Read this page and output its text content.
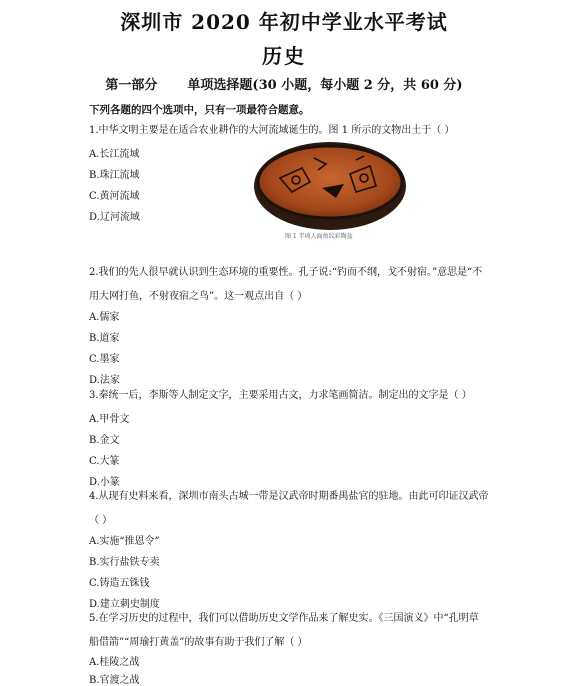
深圳市 2020 年初中学业水平考试
历史
第一部分 单项选择题(30 小题，每小题 2 分，共 60 分)
下列各题的四个选项中，只有一项最符合题意。
1.中华文明主要是在适合农业耕作的大河流域诞生的。图 1 所示的文物出土于（ ）
A.长江流域
B.珠江流域
C.黄河流域
D.辽河流域
图 1 半坡人面鱼纹彩陶盆
2.我们的先人很早就认识到生态环境的重要性。孔子说:“钓而不纲，戈不射宿。”意思是“不
用大网打鱼，不射夜宿之鸟”。这一观点出自（ ）
A.儒家
B.道家
C.墨家
D.法家
3.秦统一后，李斯等人制定文字，主要采用古文，力求笔画简洁。制定出的文字是（ ）
A.甲骨文
B.金文
C.大篆
D.小篆
4.从现有史料来看，深圳市南头古城一带是汉武帝时期番禺盐官的驻地。由此可印证汉武帝
（ ）
A.实施“推恩令”
B.实行盐铁专卖
C.铸造五铢钱
D.建立刺史制度
5.在学习历史的过程中，我们可以借助历史文学作品来了解史实。《三国演义》中“孔明草
船借箭”“周瑜打黄盖”的故事有助于我们了解（ ）
A.桂陵之战
B.官渡之战
